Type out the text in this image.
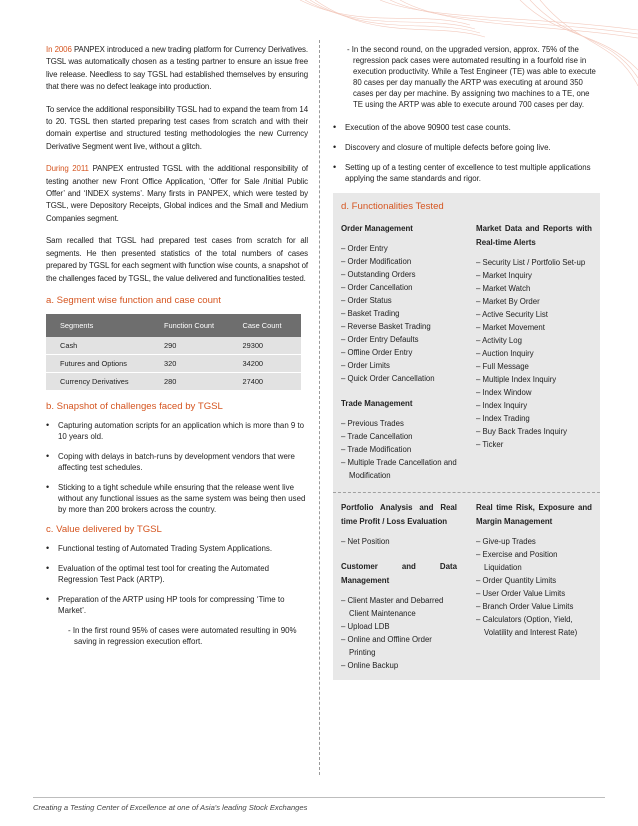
In 2006 PANPEX introduced a new trading platform for Currency Derivatives. TGSL was automatically chosen as a testing partner to ensure an issue free live release. Needless to say TGSL had established themselves by ensuring that there was no defect leakage into production.

To service the additional responsibility TGSL had to expand the team from 14 to 20. TGSL then started preparing test cases from scratch and with their domain expertise and structured testing methodologies the new Currency Derivative Segment went live, without a glitch.

During 2011 PANPEX entrusted TGSL with the additional responsibility of testing another new Front Office Application, ‘Offer for Sale /Initial Public Offer’ and ‘INDEX systems’. Many firsts in PANPEX, which were tested by TGSL, were Depository Receipts, Global indices and the Small and Medium Companies segment.

Sam recalled that TGSL had prepared test cases from scratch for all segments. He then presented statistics of the total numbers of cases prepared by TGSL for each segment with function wise counts, a snapshot of the challenges faced by TGSL, the value delivered and functionalities tested.

a. Segment wise function and case count
Segments	Function Count	Case Count
Cash	290	29300
Futures and Options	320	34200
Currency Derivatives	280	27400
b. Snapshot of challenges faced by TGSL
• Capturing automation scripts for an application which is more than 9 to 10 years old.
• Coping with delays in batch-runs by development vendors that were affecting test schedules.
• Sticking to a tight schedule while ensuring that the release went live without any functional issues as the same system was being then used by more than 200 brokers across the country.
c. Value delivered by TGSL
• Functional testing of Automated Trading System Applications.
• Evaluation of the optimal test tool for creating the Automated Regression Test Pack (ARTP).
• Preparation of the ARTP using HP tools for compressing ‘Time to Market’.
- In the first round 95% of cases were automated resulting in 90% saving in regression execution effort.
- In the second round, on the upgraded version, approx. 75% of the regression pack cases were automated resulting in a fourfold rise in execution productivity. While a Test Engineer (TE) was able to execute 80 cases per day manually the ARTP was executing at around 350 cases per day per machine. By assigning two machines to a TE, one TE using the ARTP was able to execute around 700 cases per day.
• Execution of the above 90900 test case counts.
• Discovery and closure of multiple defects before going live.
• Setting up of a testing center of excellence to test multiple applications applying the same standards and rigor.
d. Functionalities Tested
Order Management
– Order Entry
– Order Modification
– Outstanding Orders
– Order Cancellation
– Order Status
– Basket Trading
– Reverse Basket Trading
– Order Entry Defaults
– Offline Order Entry
– Order Limits
– Quick Order Cancellation
Trade Management
– Previous Trades
– Trade Cancellation
– Trade Modification
– Multiple Trade Cancellation and Modification
Market Data and Reports with Real-time Alerts
– Security List / Portfolio Set-up
– Market Inquiry
– Market Watch
– Market By Order
– Active Security List
– Market Movement
– Activity Log
– Auction Inquiry
– Full Message
– Multiple Index Inquiry
– Index Window
– Index Inquiry
– Index Trading
– Buy Back Trades Inquiry
– Ticker
Portfolio Analysis and Real time Profit / Loss Evaluation
– Net Position
Customer and Data Management
– Client Master and Debarred Client Maintenance
– Upload LDB
– Online and Offline Order Printing
– Online Backup
Real time Risk, Exposure and Margin Management
– Give-up Trades
– Exercise and Position Liquidation
– Order Quantity Limits
– User Order Value Limits
– Branch Order Value Limits
– Calculators (Option, Yield, Volatility and Interest Rate)
Creating a Testing Center of Excellence at one of Asia's leading Stock Exchanges
